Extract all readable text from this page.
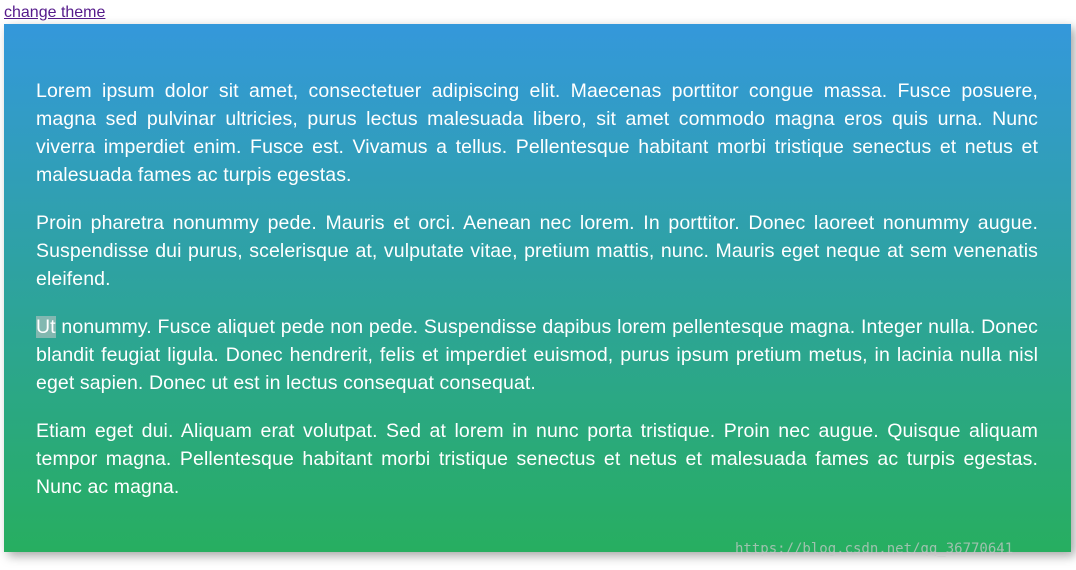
change theme

Lorem ipsum dolor sit amet, consectetuer adipiscing elit. Maecenas porttitor congue massa. Fusce posuere, magna sed pulvinar ultricies, purus lectus malesuada libero, sit amet commodo magna eros quis urna. Nunc viverra imperdiet enim. Fusce est. Vivamus a tellus. Pellentesque habitant morbi tristique senectus et netus et malesuada fames ac turpis egestas.

Proin pharetra nonummy pede. Mauris et orci. Aenean nec lorem. In porttitor. Donec laoreet nonummy augue. Suspendisse dui purus, scelerisque at, vulputate vitae, pretium mattis, nunc. Mauris eget neque at sem venenatis eleifend.

Ut nonummy. Fusce aliquet pede non pede. Suspendisse dapibus lorem pellentesque magna. Integer nulla. Donec blandit feugiat ligula. Donec hendrerit, felis et imperdiet euismod, purus ipsum pretium metus, in lacinia nulla nisl eget sapien. Donec ut est in lectus consequat consequat.

Etiam eget dui. Aliquam erat volutpat. Sed at lorem in nunc porta tristique. Proin nec augue. Quisque aliquam tempor magna. Pellentesque habitant morbi tristique senectus et netus et malesuada fames ac turpis egestas. Nunc ac magna.

https://blog.csdn.net/qq_36770641
